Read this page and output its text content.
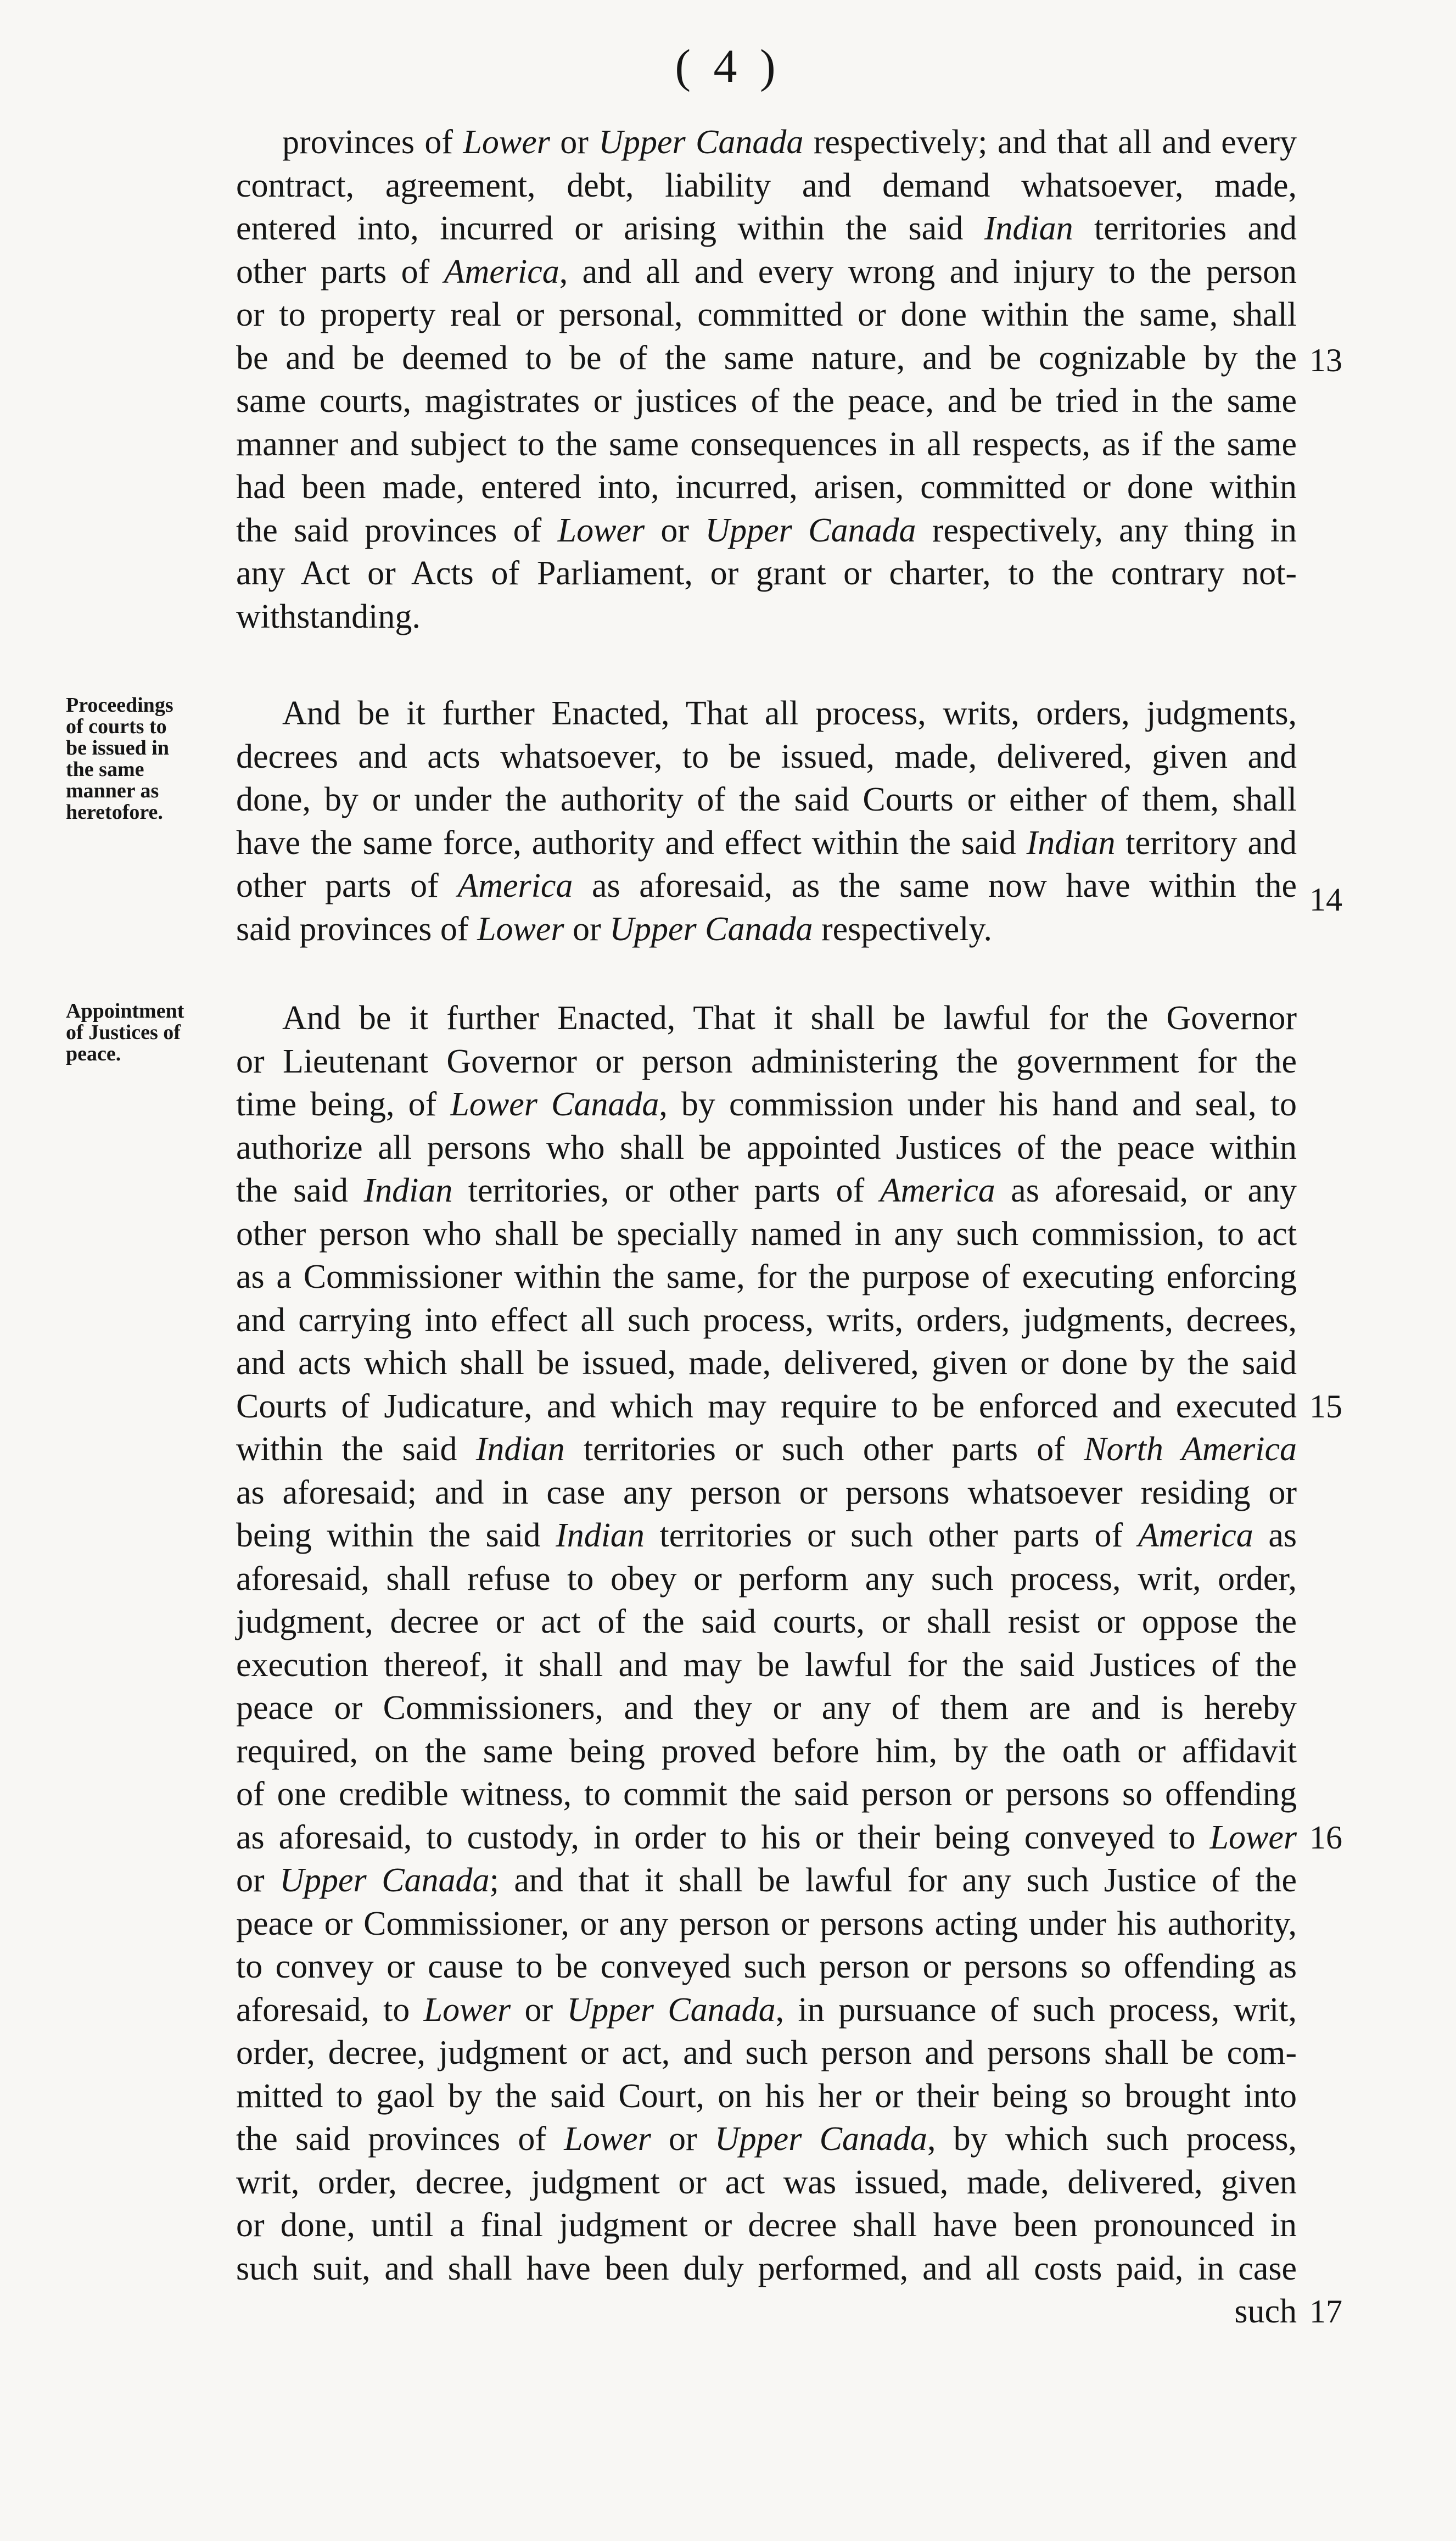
( 4 )
provinces of Lower or Upper Canada respectively; and that all and every
contract, agreement, debt, liability and demand whatsoever, made,
entered into, incurred or arising within the said Indian territories and
other parts of America, and all and every wrong and injury to the person
or to property real or personal, committed or done within the same, shall
be and be deemed to be of the same nature, and be cognizable by the
same courts, magistrates or justices of the peace, and be tried in the same
manner and subject to the same consequences in all respects, as if the same
had been made, entered into, incurred, arisen, committed or done within
the said provinces of Lower or Upper Canada respectively, any thing in
any Act or Acts of Parliament, or grant or charter, to the contrary not-
withstanding.
And be it further Enacted, That all process, writs, orders, judgments,
decrees and acts whatsoever, to be issued, made, delivered, given and
done, by or under the authority of the said Courts or either of them, shall
have the same force, authority and effect within the said Indian territory and
other parts of America as aforesaid, as the same now have within the
said provinces of Lower or Upper Canada respectively.
And be it further Enacted, That it shall be lawful for the Governor
or Lieutenant Governor or person administering the government for the
time being, of Lower Canada, by commission under his hand and seal, to
authorize all persons who shall be appointed Justices of the peace within
the said Indian territories, or other parts of America as aforesaid, or any
other person who shall be specially named in any such commission, to act
as a Commissioner within the same, for the purpose of executing enforcing
and carrying into effect all such process, writs, orders, judgments, decrees,
and acts which shall be issued, made, delivered, given or done by the said
Courts of Judicature, and which may require to be enforced and executed
within the said Indian territories or such other parts of North America
as aforesaid; and in case any person or persons whatsoever residing or
being within the said Indian territories or such other parts of America as
aforesaid, shall refuse to obey or perform any such process, writ, order,
judgment, decree or act of the said courts, or shall resist or oppose the
execution thereof, it shall and may be lawful for the said Justices of the
peace or Commissioners, and they or any of them are and is hereby
required, on the same being proved before him, by the oath or affidavit
of one credible witness, to commit the said person or persons so offending
as aforesaid, to custody, in order to his or their being conveyed to Lower
or Upper Canada; and that it shall be lawful for any such Justice of the
peace or Commissioner, or any person or persons acting under his authority,
to convey or cause to be conveyed such person or persons so offending as
aforesaid, to Lower or Upper Canada, in pursuance of such process, writ,
order, decree, judgment or act, and such person and persons shall be com-
mitted to gaol by the said Court, on his her or their being so brought into
the said provinces of Lower or Upper Canada, by which such process,
writ, order, decree, judgment or act was issued, made, delivered, given
or done, until a final judgment or decree shall have been pronounced in
such suit, and shall have been duly performed, and all costs paid, in case
such
Proceedings
of courts to
be issued in
the same
manner as
heretofore.
Appointment
of Justices of
peace.
13
14
15
16
17
